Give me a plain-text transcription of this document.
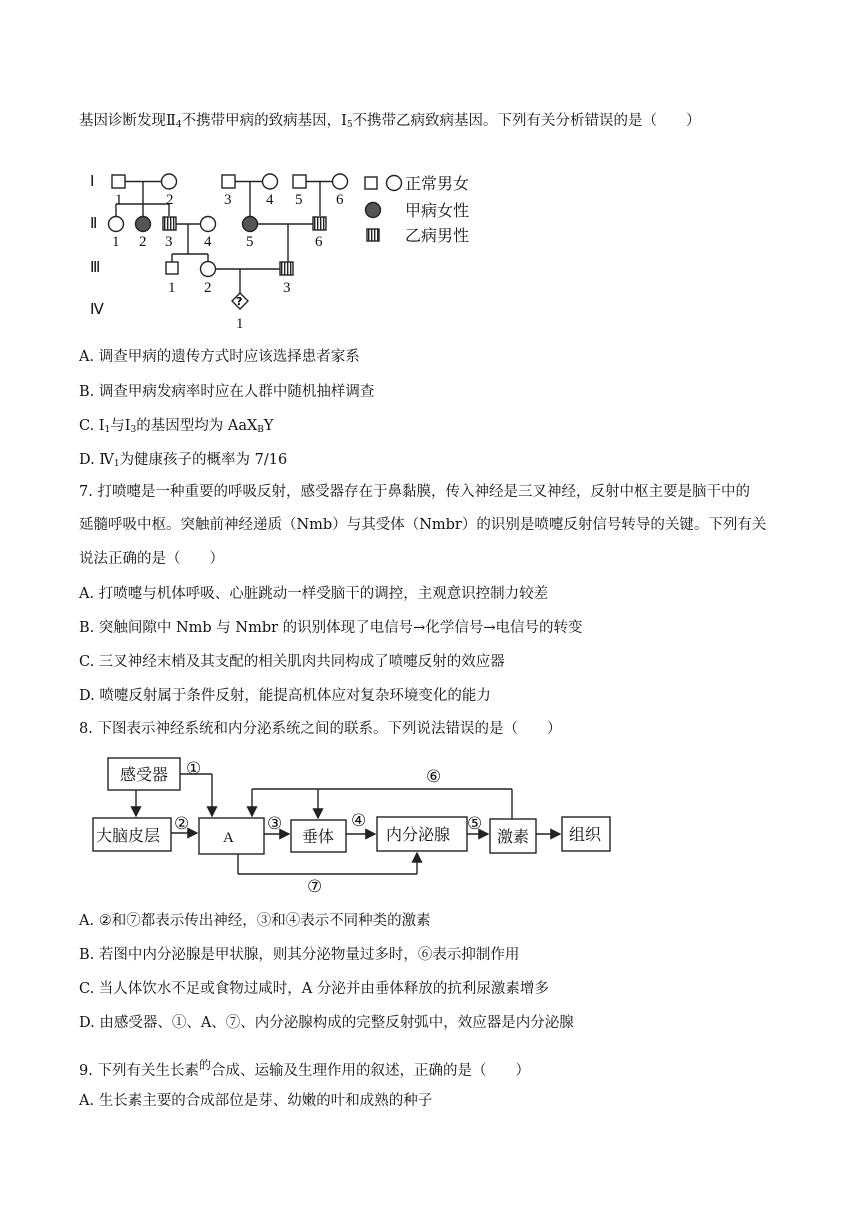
基因诊断发现$Ⅱ_4$不携带甲病的致病基因，$Ⅰ_5$不携带乙病致病基因。下列有关分析错误的是（　　）
Ⅰ
Ⅱ
Ⅲ
Ⅳ
1	2	3 4 5 6
1 2 3 4 5	6
1 2	3
?
1
正常男女
甲病女性
乙病男性
A. 调查甲病的遗传方式时应该选择患者家系
B. 调查甲病发病率时应在人群中随机抽样调查
C. $Ⅰ_1$与$Ⅰ_3$的基因型均为 AaX$_B$Y
D. $Ⅳ_1$为健康孩子的概率为 7/16
7. 打喷嚏是一种重要的呼吸反射，感受器存在于鼻黏膜，传入神经是三叉神经，反射中枢主要是脑干中的
延髓呼吸中枢。突触前神经递质（Nmb）与其受体（Nmbr）的识别是喷嚏反射信号转导的关键。下列有关
说法正确的是（　　）
A. 打喷嚏与机体呼吸、心脏跳动一样受脑干的调控，主观意识控制力较差
B. 突触间隙中 Nmb 与 Nmbr 的识别体现了电信号→化学信号→电信号的转变
C. 三叉神经末梢及其支配的相关肌肉共同构成了喷嚏反射的效应器
D. 喷嚏反射属于条件反射，能提高机体应对复杂环境变化的能力
8. 下图表示神经系统和内分泌系统之间的联系。下列说法错误的是（　　）
感受器
大脑皮层	A	垂体	内分泌腺	激素 组织
①
②	③	④	⑤
⑥
⑦
A. ②和⑦都表示传出神经，③和④表示不同种类的激素
B. 若图中内分泌腺是甲状腺，则其分泌物量过多时，⑥表示抑制作用
C. 当人体饮水不足或食物过咸时，A 分泌并由垂体释放的抗利尿激素增多
D. 由感受器、①、A、⑦、内分泌腺构成的完整反射弧中，效应器是内分泌腺
9. 下列有关生长素$^的$合成、运输及生理作用的叙述，正确的是（　　）
A. 生长素主要的合成部位是芽、幼嫩的叶和成熟的种子
